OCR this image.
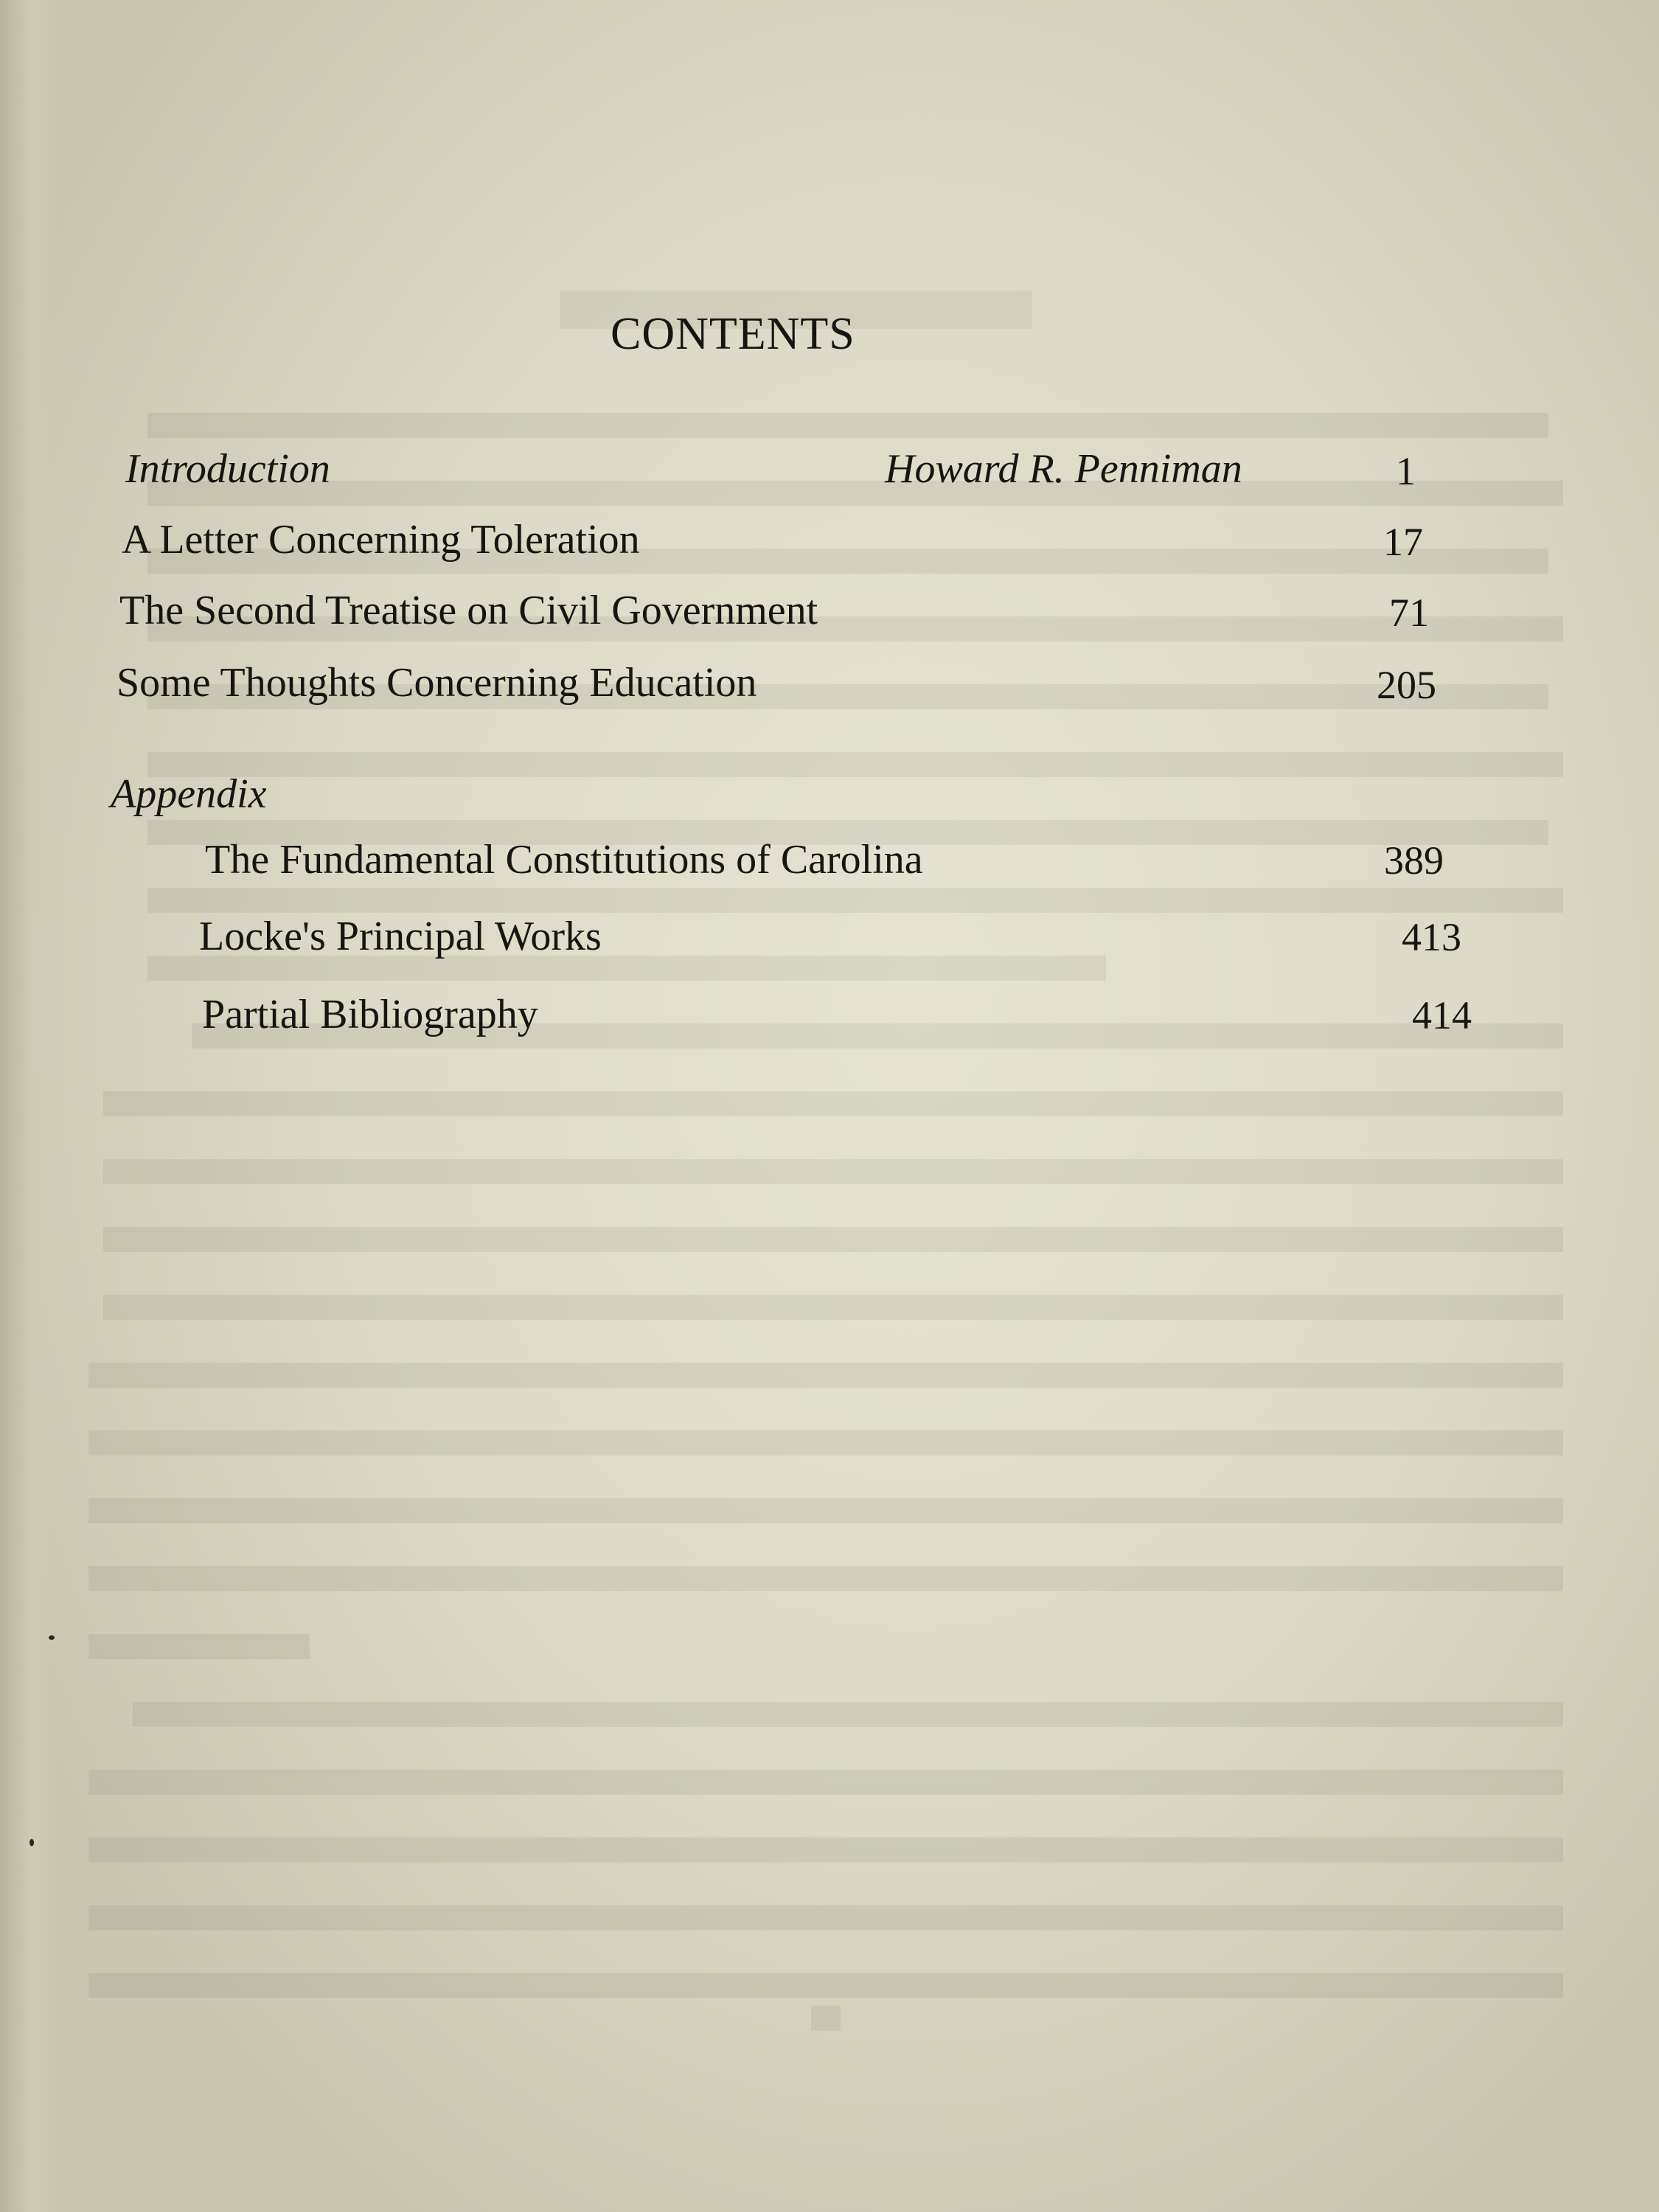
CONTENTS
Introduction	Howard R. Penniman	1
A Letter Concerning Toleration	17
The Second Treatise on Civil Government	71
Some Thoughts Concerning Education	205
Appendix
The Fundamental Constitutions of Carolina	389
Locke's Principal Works	413
Partial Bibliography	414
